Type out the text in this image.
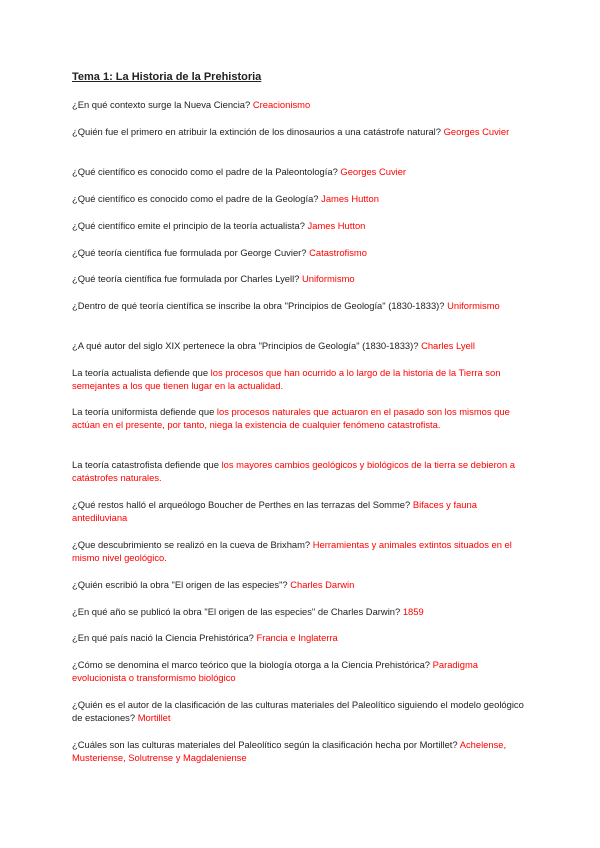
Tema 1: La Historia de la Prehistoria

¿En qué contexto surge la Nueva Ciencia? Creacionismo

¿Quién fue el primero en atribuir la extinción de los dinosaurios a una catástrofe natural? Georges Cuvier

¿Qué científico es conocido como el padre de la Paleontología? Georges Cuvier

¿Qué científico es conocido como el padre de la Geología? James Hutton

¿Qué científico emite el principio de la teoría actualista? James Hutton

¿Qué teoría científica fue formulada por George Cuvier? Catastrofismo

¿Qué teoría científica fue formulada por Charles Lyell? Uniformismo

¿Dentro de qué teoría científica se inscribe la obra "Principios de Geología" (1830-1833)? Uniformismo

¿A qué autor del siglo XIX pertenece la obra "Principios de Geología" (1830-1833)? Charles Lyell

La teoría actualista defiende que los procesos que han ocurrido a lo largo de la historia de la Tierra son semejantes a los que tienen lugar en la actualidad.

La teoría uniformista defiende que los procesos naturales que actuaron en el pasado son los mismos que actúan en el presente, por tanto, niega la existencia de cualquier fenómeno catastrofista.

La teoría catastrofista defiende que los mayores cambios geológicos y biológicos de la tierra se debieron a catástrofes naturales.

¿Qué restos halló el arqueólogo Boucher de Perthes en las terrazas del Somme? Bifaces y fauna antediluviana

¿Que descubrimiento se realizó en la cueva de Brixham? Herramientas y animales extintos situados en el mismo nivel geológico.

¿Quién escribió la obra "El origen de las especies"? Charles Darwin

¿En qué año se publicó la obra "El origen de las especies" de Charles Darwin? 1859

¿En qué país nació la Ciencia Prehistórica? Francia e Inglaterra

¿Cómo se denomina el marco teórico que la biología otorga a la Ciencia Prehistórica? Paradigma evolucionista o transformismo biológico

¿Quién es el autor de la clasificación de las culturas materiales del Paleolítico siguiendo el modelo geológico de estaciones? Mortillet

¿Cuáles son las culturas materiales del Paleolítico según la clasificación hecha por Mortillet? Achelense, Musteriense, Solutrense y Magdaleniense
